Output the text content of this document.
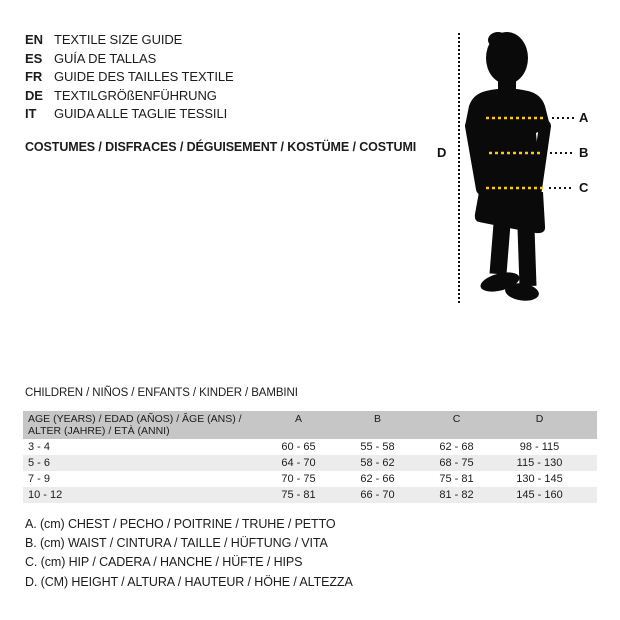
EN TEXTILE SIZE GUIDE
ES GUÍA DE TALLAS
FR GUIDE DES TAILLES TEXTILE
DE TEXTILGRÖßENFÜHRUNG
IT	GUIDA ALLE TAGLIE TESSILI
COSTUMES / DISFRACES / DÉGUISEMENT / KOSTÜME / COSTUMI
A
B
C
D
CHILDREN / NIÑOS / ENFANTS / KINDER / BAMBINI
AGE (YEARS) / EDAD (AÑOS) / ÂGE (ANS) /
ALTER (JAHRE) / ETÀ (ANNI)
A	B	C	D
3 - 4	60 - 65	55 - 58	62 - 68	98 - 115
5 - 6	64 - 70	58 - 62	68 - 75	115 - 130
7 - 9	70 - 75	62 - 66	75 - 81	130 - 145
10 - 12	75 - 81	66 - 70	81 - 82	145 - 160
A. (cm) CHEST / PECHO / POITRINE / TRUHE / PETTO
B. (cm) WAIST / CINTURA / TAILLE / HÜFTUNG / VITA
C. (cm) HIP / CADERA / HANCHE / HÜFTE / HIPS
D. (CM) HEIGHT / ALTURA / HAUTEUR / HÖHE / ALTEZZA
